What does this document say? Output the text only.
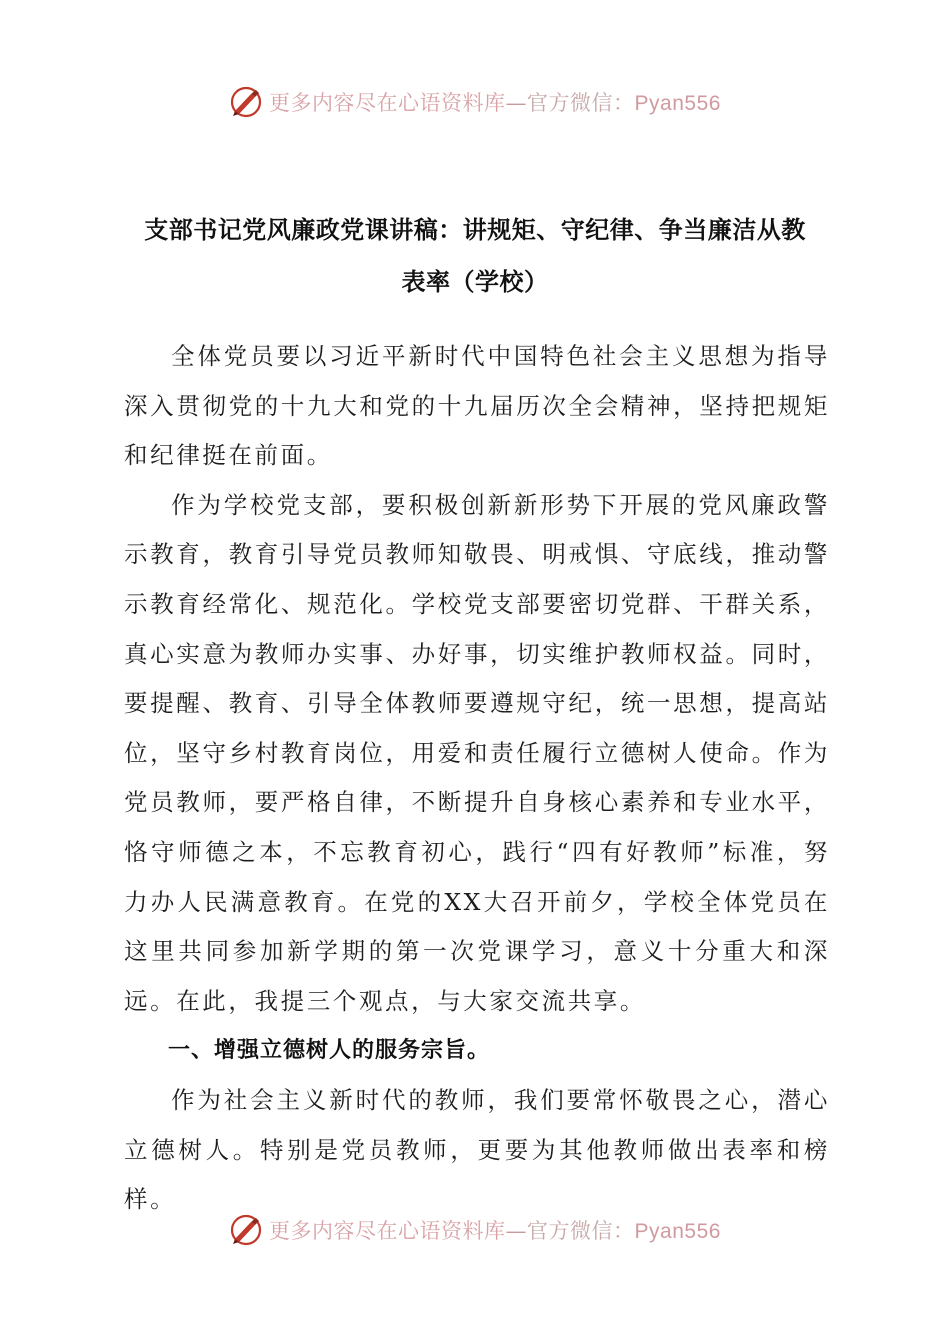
更多内容尽在心语资料库—官方微信：Pyan556
支部书记党风廉政党课讲稿：讲规矩、守纪律、争当廉洁从教
表率（学校）

全体党员要以习近平新时代中国特色社会主义思想为指导深入贯彻党的十九大和党的十九届历次全会精神，坚持把规矩和纪律挺在前面。

作为学校党支部，要积极创新新形势下开展的党风廉政警示教育，教育引导党员教师知敬畏、明戒惧、守底线，推动警示教育经常化、规范化。学校党支部要密切党群、干群关系，真心实意为教师办实事、办好事，切实维护教师权益。同时，要提醒、教育、引导全体教师要遵规守纪，统一思想，提高站位，坚守乡村教育岗位，用爱和责任履行立德树人使命。作为党员教师，要严格自律，不断提升自身核心素养和专业水平，恪守师德之本，不忘教育初心，践行“四有好教师”标准，努力办人民满意教育。在党的XX大召开前夕，学校全体党员在这里共同参加新学期的第一次党课学习，意义十分重大和深远。在此，我提三个观点，与大家交流共享。

一、增强立德树人的服务宗旨。

作为社会主义新时代的教师，我们要常怀敬畏之心，潜心立德树人。特别是党员教师，更要为其他教师做出表率和榜样。

更多内容尽在心语资料库—官方微信：Pyan556
